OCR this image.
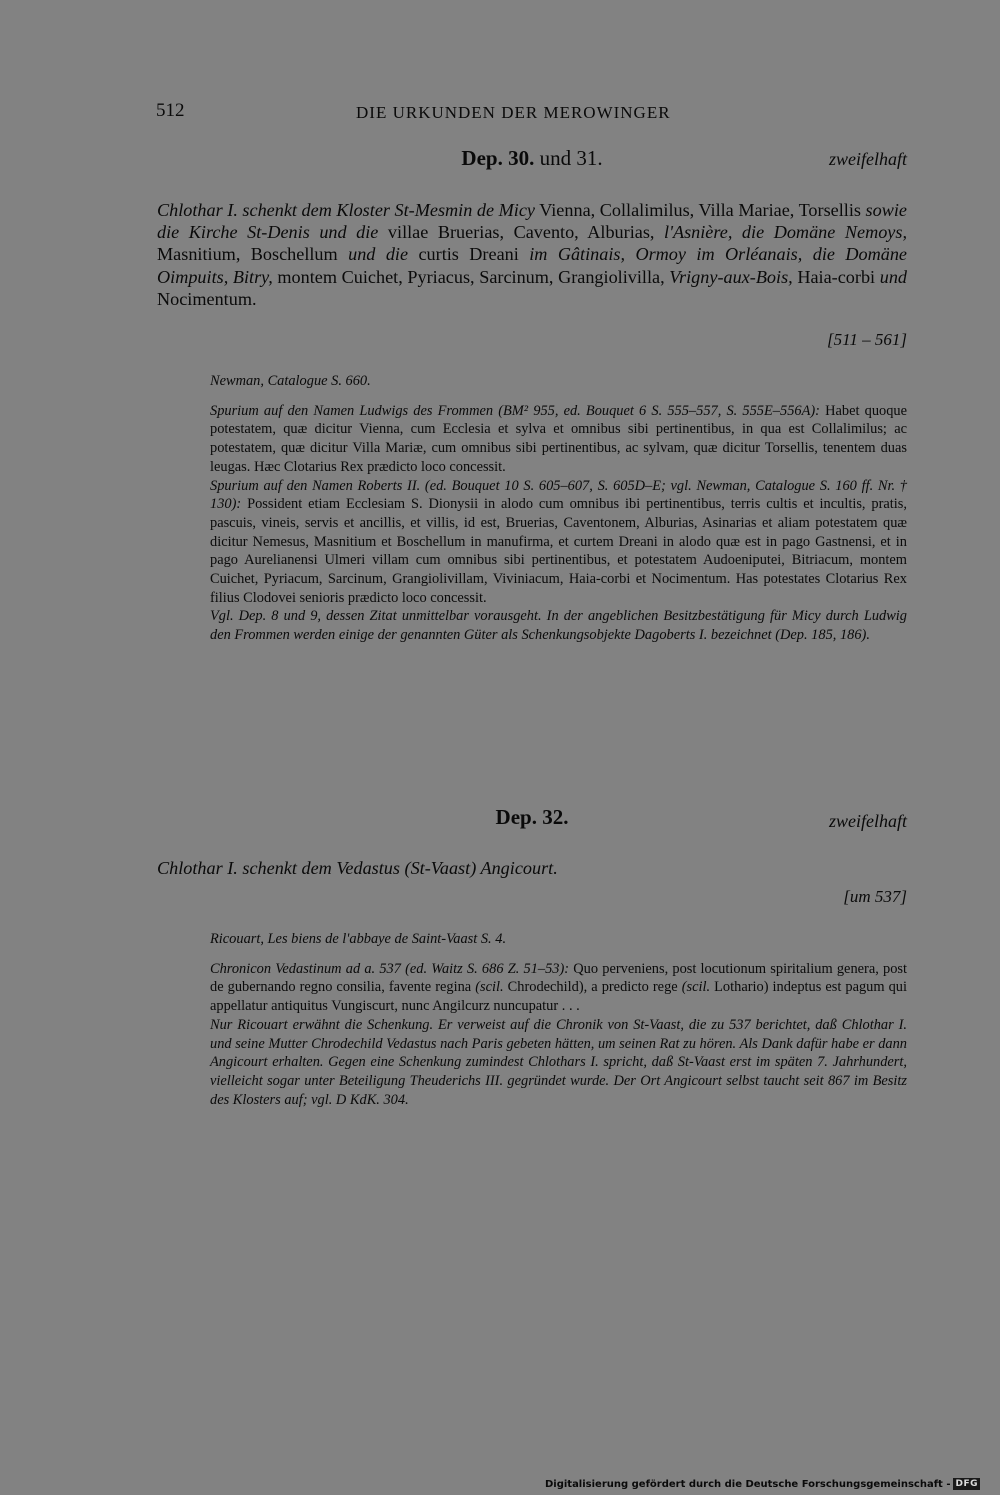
512	DIE URKUNDEN DER MEROWINGER
Dep. 30. und 31.	zweifelhaft
Chlothar I. schenkt dem Kloster St-Mesmin de Micy Vienna, Collalimilus, Villa Mariae, Torsellis sowie die Kirche St-Denis und die villae Bruerias, Cavento, Alburias, l'Asnière, die Domäne Nemoys, Masnitium, Boschellum und die curtis Dreani im Gâtinais, Ormoy im Orléanais, die Domäne Oimpuits, Bitry, montem Cuichet, Pyriacus, Sarcinum, Grangiolivilla, Vrigny-aux-Bois, Haia-corbi und Nocimentum.
[511 – 561]

Newman, Catalogue S. 660.

Spurium auf den Namen Ludwigs des Frommen (BM² 955, ed. Bouquet 6 S. 555–557, S. 555E–556A): Habet quoque potestatem, quæ dicitur Vienna, cum Ecclesia et sylva et omnibus sibi pertinentibus, in qua est Collalimilus; ac potestatem, quæ dicitur Villa Mariæ, cum omnibus sibi pertinentibus, ac sylvam, quæ dicitur Torsellis, tenentem duas leugas. Hæc Clotarius Rex prædicto loco concessit.

Spurium auf den Namen Roberts II. (ed. Bouquet 10 S. 605–607, S. 605D–E; vgl. Newman, Catalogue S. 160 ff. Nr. † 130): Possident etiam Ecclesiam S. Dionysii in alodo cum omnibus ibi pertinentibus, terris cultis et incultis, pratis, pascuis, vineis, servis et ancillis, et villis, id est, Bruerias, Caventonem, Alburias, Asinarias et aliam potestatem quæ dicitur Nemesus, Masnitium et Boschellum in manufirma, et curtem Dreani in alodo quæ est in pago Gastnensi, et in pago Aurelianensi Ulmeri villam cum omnibus sibi pertinentibus, et potestatem Audoeniputei, Bitriacum, montem Cuichet, Pyriacum, Sarcinum, Grangiolivillam, Viviniacum, Haia-corbi et Nocimentum. Has potestates Clotarius Rex filius Clodovei senioris prædicto loco concessit.

Vgl. Dep. 8 und 9, dessen Zitat unmittelbar vorausgeht. In der angeblichen Besitzbestätigung für Micy durch Ludwig den Frommen werden einige der genannten Güter als Schenkungsobjekte Dagoberts I. bezeichnet (Dep. 185, 186).

Dep. 32.	zweifelhaft
Chlothar I. schenkt dem Vedastus (St-Vaast) Angicourt.
[um 537]

Ricouart, Les biens de l'abbaye de Saint-Vaast S. 4.

Chronicon Vedastinum ad a. 537 (ed. Waitz S. 686 Z. 51–53): Quo perveniens, post locutionum spiritalium genera, post de gubernando regno consilia, favente regina (scil. Chrodechild), a predicto rege (scil. Lothario) indeptus est pagum qui appellatur antiquitus Vungiscurt, nunc Angilcurz nuncupatur . . .

Nur Ricouart erwähnt die Schenkung. Er verweist auf die Chronik von St-Vaast, die zu 537 berichtet, daß Chlothar I. und seine Mutter Chrodechild Vedastus nach Paris gebeten hätten, um seinen Rat zu hören. Als Dank dafür habe er dann Angicourt erhalten. Gegen eine Schenkung zumindest Chlothars I. spricht, daß St-Vaast erst im späten 7. Jahrhundert, vielleicht sogar unter Beteiligung Theuderichs III. gegründet wurde. Der Ort Angicourt selbst taucht seit 867 im Besitz des Klosters auf; vgl. D KdK. 304.

Digitalisierung gefördert durch die Deutsche Forschungsgemeinschaft - DFG
